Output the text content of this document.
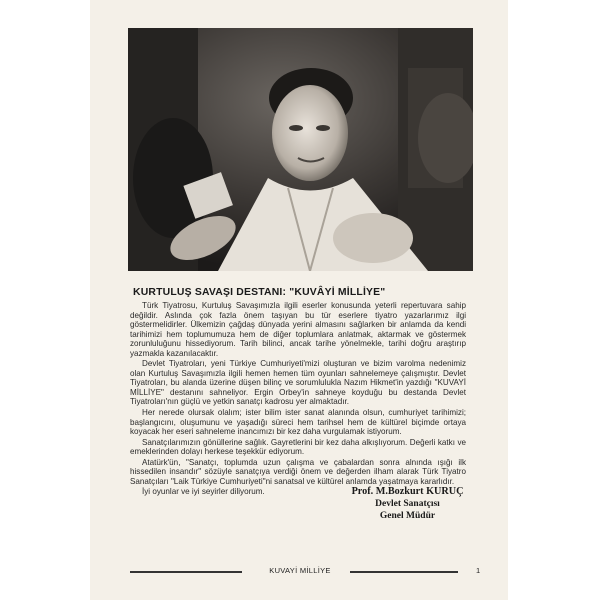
KURTULUŞ SAVAŞI DESTANI: "KUVÂYİ MİLLİYE"

Türk Tiyatrosu, Kurtuluş Savaşımızla ilgili eserler konusunda yeterli repertuvara sahip değildir. Aslında çok fazla önem taşıyan bu tür eserlere tiyatro yazarlarımız ilgi göstermelidirler. Ülkemizin çağdaş dünyada yerini almasını sağlarken bir anlamda da kendi tarihimizi hem toplumumuza hem de diğer toplumlara anlatmak, aktarmak ve göstermek zorunluluğunu hissediyorum. Tarih bilinci, ancak tarihe yönelmekle, tarihi doğru araştırıp yazmakla kazanılacaktır.

Devlet Tiyatroları, yeni Türkiye Cumhuriyeti'mizi oluşturan ve bizim varolma nedenimiz olan Kurtuluş Savaşımızla ilgili hemen hemen tüm oyunları sahnelemeye çalışmıştır. Devlet Tiyatroları, bu alanda üzerine düşen bilinç ve sorumlulukla Nazım Hikmet'in yazdığı "KUVAYİ MİLLİYE" destanını sahneliyor. Ergin Orbey'in sahneye koyduğu bu destanda Devlet Tiyatroları'nın güçlü ve yetkin sanatçı kadrosu yer almaktadır.

Her nerede olursak olalım; ister bilim ister sanat alanında olsun, cumhuriyet tarihimizi; başlangıcını, oluşumunu ve yaşadığı süreci hem tarihsel hem de kültürel biçimde ortaya koyacak her eseri sahneleme inancımızı bir kez daha vurgulamak istiyorum.

Sanatçılarımızın gönüllerine sağlık. Gayretlerini bir kez daha alkışlıyorum. Değerli katkı ve emeklerinden dolayı herkese teşekkür ediyorum.

Atatürk'ün, "Sanatçı, toplumda uzun çalışma ve çabalardan sonra alnında ışığı ilk hissedilen insandır" sözüyle sanatçıya verdiği önem ve değerden ilham alarak Türk Tiyatro Sanatçıları "Laik Türkiye Cumhuriyeti"ni sanatsal ve kültürel anlamda yaşatmaya kararlıdır.

İyi oyunlar ve iyi seyirler diliyorum.	Prof. M.Bozkurt KURUÇ
Devlet Sanatçısı
Genel Müdür
KUVAYİ MİLLİYE	1
